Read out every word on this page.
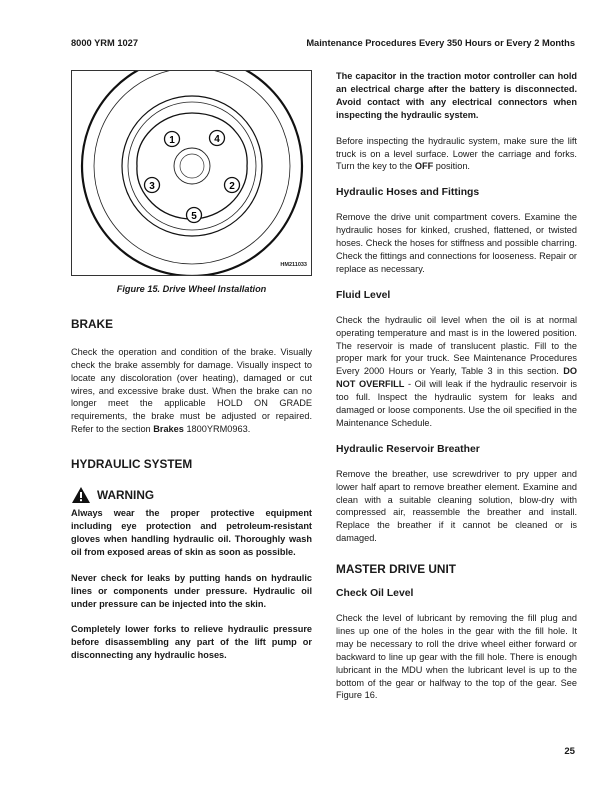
8000 YRM 1027	Maintenance Procedures Every 350 Hours or Every 2 Months
1	4
3	2
5
HM211033
Figure 15. Drive Wheel Installation
BRAKE

Check the operation and condition of the brake. Visually check the brake assembly for damage. Visually inspect to locate any discoloration (over heating), damaged or cut wires, and excessive brake dust. When the brake can no longer meet the applicable HOLD ON GRADE requirements, the brake must be adjusted or repaired. Refer to the section Brakes 1800YRM0963.

HYDRAULIC SYSTEM
WARNING

Always wear the proper protective equipment including eye protection and petroleum-resistant gloves when handling hydraulic oil. Thoroughly wash oil from exposed areas of skin as soon as possible.

Never check for leaks by putting hands on hydraulic lines or components under pressure. Hydraulic oil under pressure can be injected into the skin.

Completely lower forks to relieve hydraulic pressure before disassembling any part of the lift pump or disconnecting any hydraulic hoses.

The capacitor in the traction motor controller can hold an electrical charge after the battery is disconnected. Avoid contact with any electrical connectors when inspecting the hydraulic system.

Before inspecting the hydraulic system, make sure the lift truck is on a level surface. Lower the carriage and forks. Turn the key to the OFF position.

Hydraulic Hoses and Fittings

Remove the drive unit compartment covers. Examine the hydraulic hoses for kinked, crushed, flattened, or twisted hoses. Check the hoses for stiffness and possible charring. Check the fittings and connections for looseness. Repair or replace as necessary.

Fluid Level

Check the hydraulic oil level when the oil is at normal operating temperature and mast is in the lowered position. The reservoir is made of translucent plastic. Fill to the proper mark for your truck. See Maintenance Procedures Every 2000 Hours or Yearly, Table 3 in this section. DO NOT OVERFILL - Oil will leak if the hydraulic reservoir is too full. Inspect the hydraulic system for leaks and damaged or loose components. Use the oil specified in the Maintenance Schedule.

Hydraulic Reservoir Breather

Remove the breather, use screwdriver to pry upper and lower half apart to remove breather element. Examine and clean with a suitable cleaning solution, blow-dry with compressed air, reassemble the breather and install. Replace the breather if it cannot be cleaned or is damaged.

MASTER DRIVE UNIT
Check Oil Level

Check the level of lubricant by removing the fill plug and lines up one of the holes in the gear with the fill hole. It may be necessary to roll the drive wheel either forward or backward to line up gear with the fill hole. There is enough lubricant in the MDU when the lubricant level is up to the bottom of the gear or halfway to the top of the gear. See Figure 16.

25
